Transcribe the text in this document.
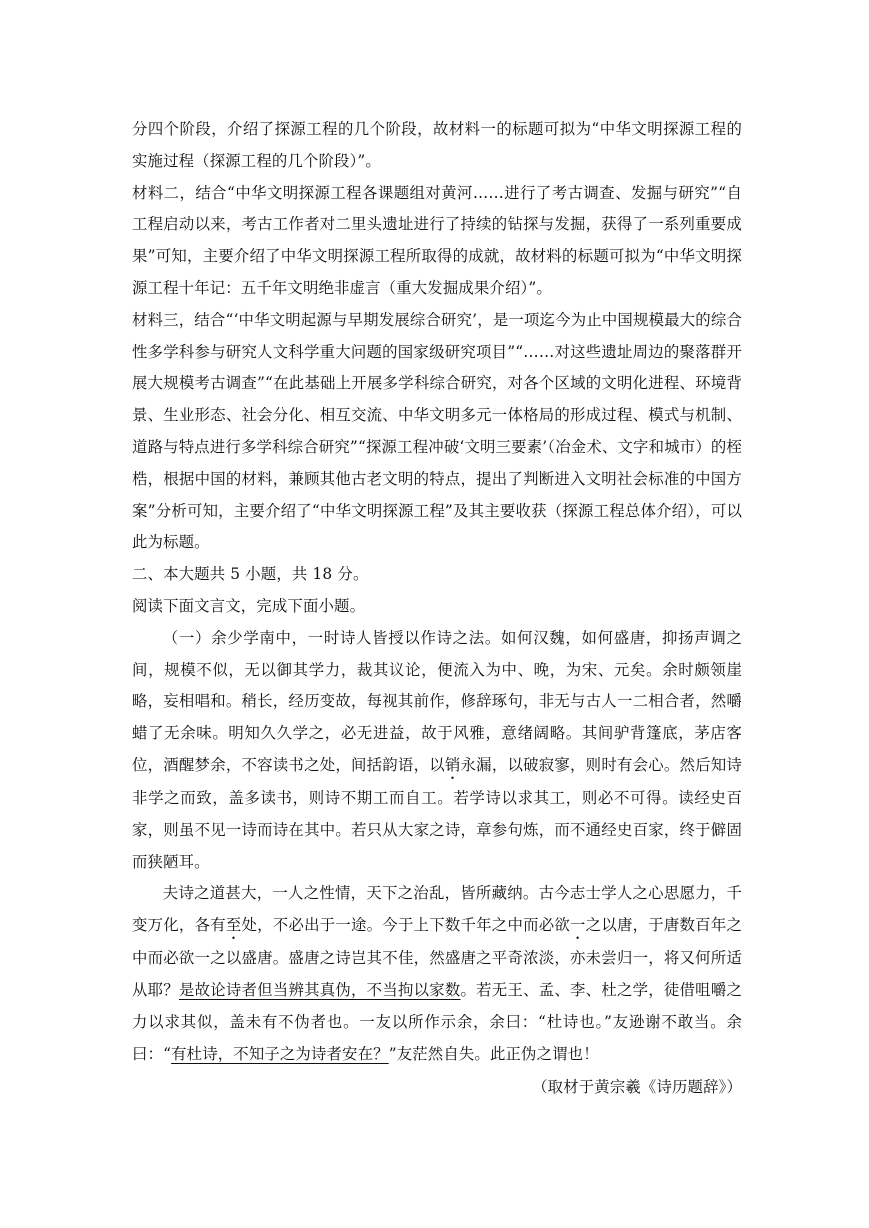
分四个阶段，介绍了探源工程的几个阶段，故材料一的标题可拟为“中华文明探源工程的实施过程（探源工程的几个阶段）”。

材料二，结合“中华文明探源工程各课题组对黄河……进行了考古调查、发掘与研究”“自工程启动以来，考古工作者对二里头遗址进行了持续的钻探与发掘，获得了一系列重要成果”可知，主要介绍了中华文明探源工程所取得的成就，故材料的标题可拟为“中华文明探源工程十年记：五千年文明绝非虚言（重大发掘成果介绍）”。

材料三，结合“‘中华文明起源与早期发展综合研究’，是一项迄今为止中国规模最大的综合性多学科参与研究人文科学重大问题的国家级研究项目”“……对这些遗址周边的聚落群开展大规模考古调查”“在此基础上开展多学科综合研究，对各个区域的文明化进程、环境背景、生业形态、社会分化、相互交流、中华文明多元一体格局的形成过程、模式与机制、道路与特点进行多学科综合研究”“探源工程冲破‘文明三要素’（冶金术、文字和城市）的桎梏，根据中国的材料，兼顾其他古老文明的特点，提出了判断进入文明社会标准的中国方案”分析可知，主要介绍了“中华文明探源工程”及其主要收获（探源工程总体介绍），可以此为标题。

二、本大题共 5 小题，共 18 分。

阅读下面文言文，完成下面小题。

（一）余少学南中，一时诗人皆授以作诗之法。如何汉魏，如何盛唐，抑扬声调之间，规模不似，无以御其学力，裁其议论，便流入为中、晚，为宋、元矣。余时颇领崖略，妄相唱和。稍长，经历变故，每视其前作，修辞琢句，非无与古人一二相合者，然嚼蜡了无余味。明知久久学之，必无进益，故于风雅，意绪阔略。其间驴背篷底，茅店客位，酒醒梦余，不容读书之处，间括韵语，以销永漏，以破寂寥，则时有会心。然后知诗非学之而致，盖多读书，则诗不期工而自工。若学诗以求其工，则必不可得。读经史百家，则虽不见一诗而诗在其中。若只从大家之诗，章参句炼，而不通经史百家，终于僻固而狭陋耳。

夫诗之道甚大，一人之性情，天下之治乱，皆所藏纳。古今志士学人之心思愿力，千变万化，各有至处，不必出于一途。今于上下数千年之中而必欲一之以唐，于唐数百年之中而必欲一之以盛唐。盛唐之诗岂其不佳，然盛唐之平奇浓淡，亦未尝归一，将又何所适从耶？是故论诗者但当辨其真伪，不当拘以家数。若无王、孟、李、杜之学，徒借咀嚼之力以求其似，盖未有不伪者也。一友以所作示余，余曰：“杜诗也。”友逊谢不敢当。余曰：“有杜诗，不知子之为诗者安在？”友茫然自失。此正伪之谓也！

（取材于黄宗羲《诗历题辞》）
